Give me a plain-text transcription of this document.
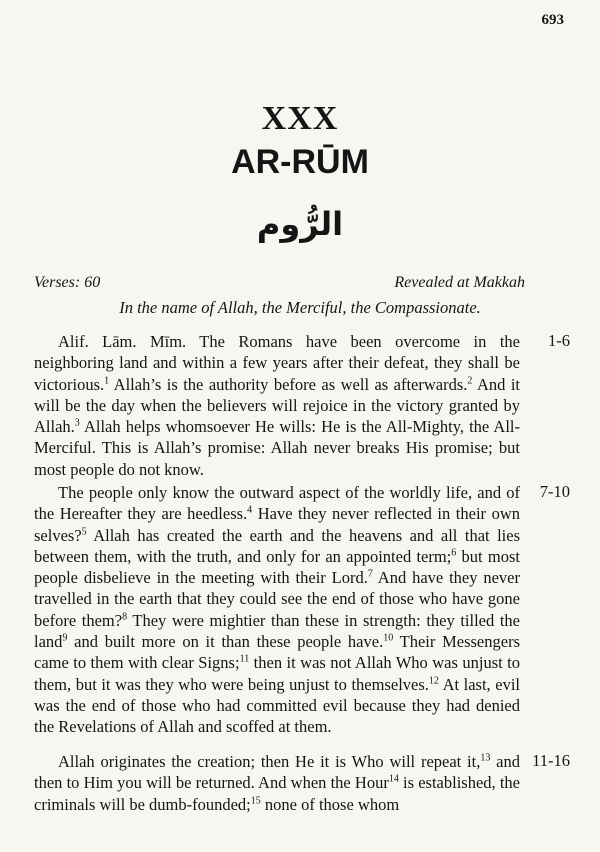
693
XXX
AR-RŪM
الرُّوم
Verses: 60	Revealed at Makkah
In the name of Allah, the Merciful, the Compassionate.
Alif. Lām. Mīm. The Romans have been overcome in the neighboring land and within a few years after their defeat, they shall be victorious.$^1$ Allah’s is the authority before as well as afterwards.$^2$ And it will be the day when the believers will rejoice in the victory granted by Allah.$^3$ Allah helps whomsoever He wills: He is the All-Mighty, the All-Merciful. This is Allah’s promise: Allah never breaks His promise; but most people do not know.
1-6
The people only know the outward aspect of the worldly life, and of the Hereafter they are heedless.$^4$ Have they never reflected in their own selves?$^5$ Allah has created the earth and the heavens and all that lies between them, with the truth, and only for an appointed term;$^6$ but most people disbelieve in the meeting with their Lord.$^7$ And have they never travelled in the earth that they could see the end of those who have gone before them?$^8$ They were mightier than these in strength: they tilled the land$^9$ and built more on it than these people have.$^{10}$ Their Messengers came to them with clear Signs;$^{11}$ then it was not Allah Who was unjust to them, but it was they who were being unjust to themselves.$^{12}$ At last, evil was the end of those who had committed evil because they had denied the Revelations of Allah and scoffed at them.
7-10
Allah originates the creation; then He it is Who will repeat it,$^{13}$ and then to Him you will be returned. And when the Hour$^{14}$ is established, the criminals will be dumb-founded;$^{15}$ none of those whom
11-16
